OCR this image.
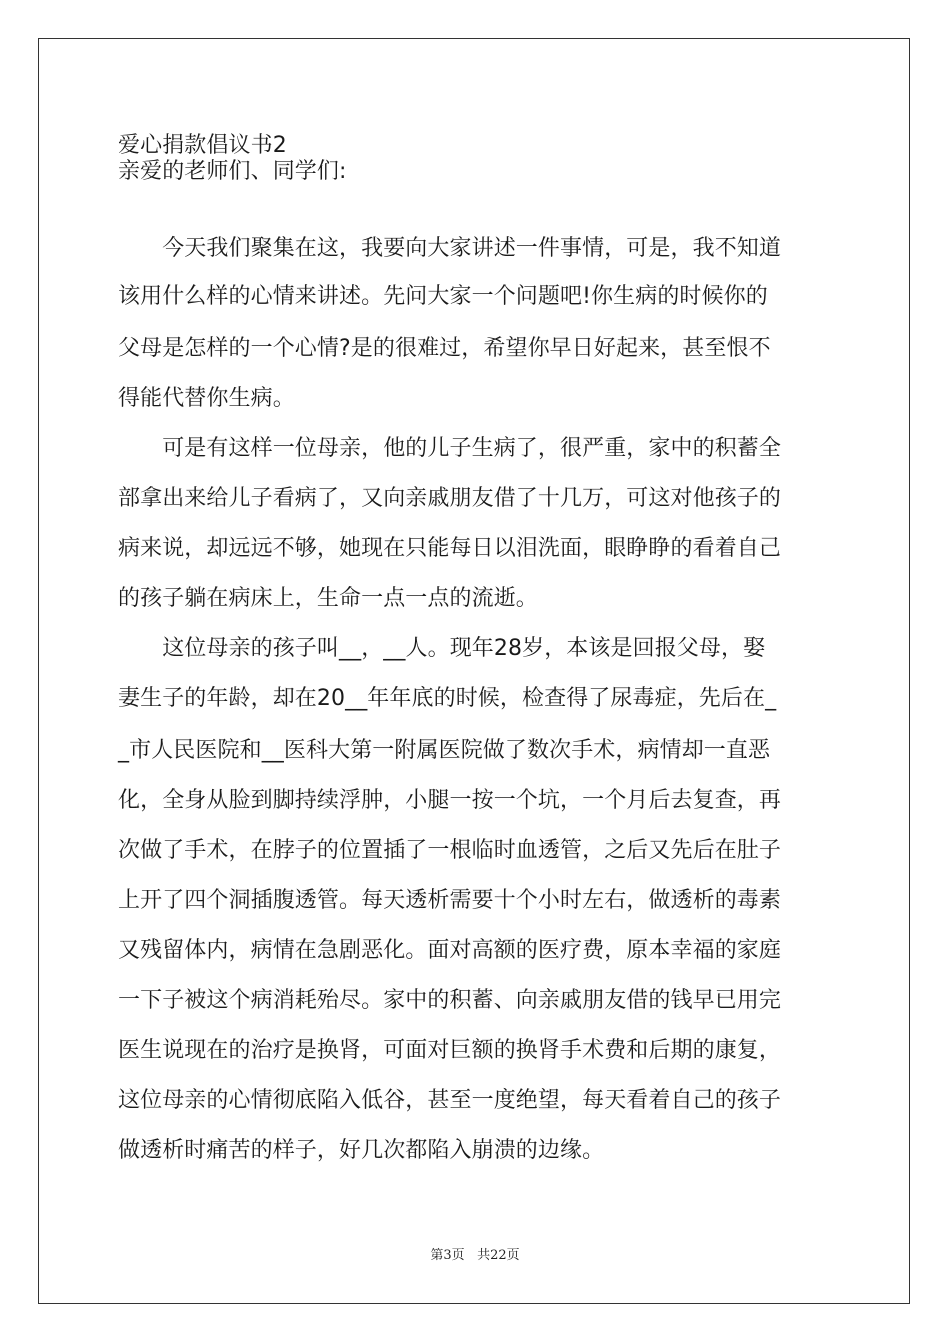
爱心捐款倡议书2
亲爱的老师们、同学们:
　　今天我们聚集在这，我要向大家讲述一件事情，可是，我不知道
该用什么样的心情来讲述。先问大家一个问题吧!你生病的时候你的
父母是怎样的一个心情?是的很难过，希望你早日好起来，甚至恨不
得能代替你生病。
　　可是有这样一位母亲，他的儿子生病了，很严重，家中的积蓄全
部拿出来给儿子看病了，又向亲戚朋友借了十几万，可这对他孩子的
病来说，却远远不够，她现在只能每日以泪洗面，眼睁睁的看着自己
的孩子躺在病床上，生命一点一点的流逝。
　　这位母亲的孩子叫__，__人。现年28岁，本该是回报父母，娶
妻生子的年龄，却在20__年年底的时候，检查得了尿毒症，先后在_
_市人民医院和__医科大第一附属医院做了数次手术，病情却一直恶
化，全身从脸到脚持续浮肿，小腿一按一个坑，一个月后去复查，再
次做了手术，在脖子的位置插了一根临时血透管，之后又先后在肚子
上开了四个洞插腹透管。每天透析需要十个小时左右，做透析的毒素
又残留体内，病情在急剧恶化。面对高额的医疗费，原本幸福的家庭
一下子被这个病消耗殆尽。家中的积蓄、向亲戚朋友借的钱早已用完
医生说现在的治疗是换肾，可面对巨额的换肾手术费和后期的康复，
这位母亲的心情彻底陷入低谷，甚至一度绝望，每天看着自己的孩子
做透析时痛苦的样子，好几次都陷入崩溃的边缘。
第3页 共22页
